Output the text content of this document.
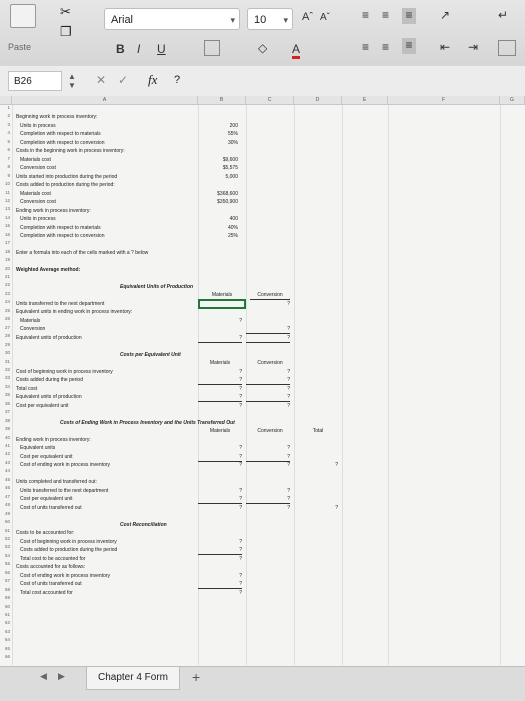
Paste
✂
❐
Arial	▾	10 ▾ Aˆ Aˇ
B I U	◇ A
≡ ≡ ≡
≡ ≡ ≡
↗
⇤ ⇥
↵
B26	▲
▼ ✕ ✓ fx ?
A	B	C	D	E	F	G
1
2
3
4
5
6
7
8
9
10
11
12
13
14
15
16
17
18
19
20
21
22
23
24
25
26
27
28
29
30
31
32
33
34
35
36
37
38
39
40
41
42
43
44
45
46
47
48
49
50
51
52
53
54
55
56
57
58
59
60
61
62
63
64
65
66
Beginning work in process inventory:
Units in process
Completion with respect to materials
Completion with respect to conversion
Costs in the beginning work in process inventory:
Materials cost
Conversion cost
Units started into production during the period
Costs added to production during the period:
Materials cost
Conversion cost
Ending work in process inventory:
Units in process
Completion with respect to materials
Completion with respect to conversion
200
55%
30%
$9,600
$5,575
5,000
$368,600
$350,900
400
40%
25%
Enter a formula into each of the cells marked with a ? below
Weighted Average method:
Equivalent Units of Production
Materials	Conversion
Units transferred to the next department	?
Equivalent units in ending work in process inventory:
Materials	?
Conversion	?
Equivalent units of production	?	?
Costs per Equivalent Unit
Materials	Conversion
Cost of beginning work in process inventory	?	?
Costs added during the period	?	?
Total cost	?	?
Equivalent units of production	?	?
Cost per equivalent unit	?	?
Costs of Ending Work in Process Inventory and the Units Transferred Out
Materials	Conversion	Total
Ending work in process inventory:
Equivalent units	?	?
Cost per equivalent unit	?	?
Cost of ending work in process inventory	?	?	?
Units completed and transferred out:
Units transferred to the next department	?	?
Cost per equivalent unit	?	?
Cost of units transferred out	?	?	?
Cost Reconciliation
Costs to be accounted for:
Cost of beginning work in process inventory	?
Costs added to production during the period	?
Total cost to be accounted for	?
Costs accounted for as follows:
Cost of ending work in process inventory	?
Cost of units transferred out	?
Total cost accounted for	?
◀ ▶	Chapter 4 Form	+
